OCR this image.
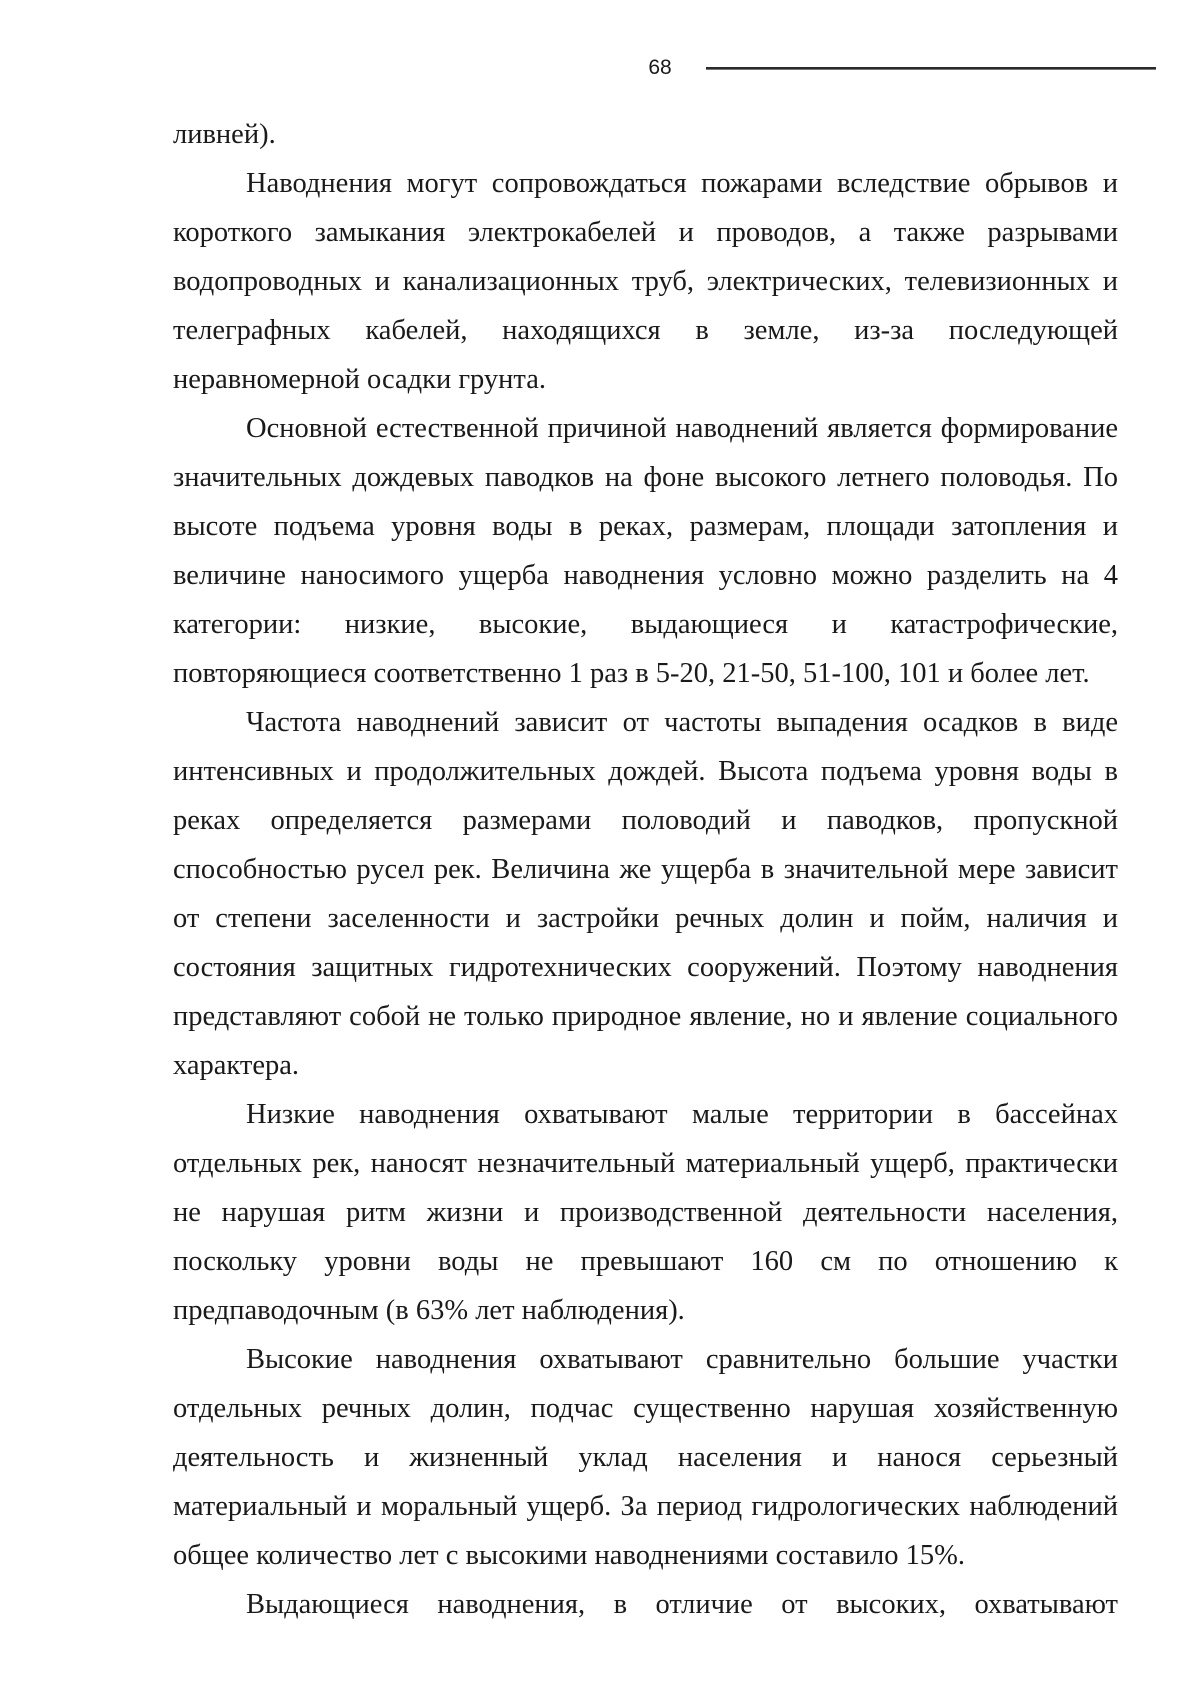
68

ливней).

Наводнения могут сопровождаться пожарами вследствие обрывов и короткого замыкания электрокабелей и проводов, а также разрывами водопроводных и канализационных труб, электрических, телевизионных и телеграфных кабелей, находящихся в земле, из-за последующей неравномерной осадки грунта.

Основной естественной причиной наводнений является формирование значительных дождевых паводков на фоне высокого летнего половодья. По высоте подъема уровня воды в реках, размерам, площади затопления и величине наносимого ущерба наводнения условно можно разделить на 4 категории: низкие, высокие, выдающиеся и катастрофические, повторяющиеся соответственно 1 раз в 5-20, 21-50, 51-100, 101 и более лет.

Частота наводнений зависит от частоты выпадения осадков в виде интенсивных и продолжительных дождей. Высота подъема уровня воды в реках определяется размерами половодий и паводков, пропускной способностью русел рек. Величина же ущерба в значительной мере зависит от степени заселенности и застройки речных долин и пойм, наличия и состояния защитных гидротехнических сооружений. Поэтому наводнения представляют собой не только природное явление, но и явление социального характера.

Низкие наводнения охватывают малые территории в бассейнах отдельных рек, наносят незначительный материальный ущерб, практически не нарушая ритм жизни и производственной деятельности населения, поскольку уровни воды не превышают 160 см по отношению к предпаводочным (в 63% лет наблюдения).

Высокие наводнения охватывают сравнительно большие участки отдельных речных долин, подчас существенно нарушая хозяйственную деятельность и жизненный уклад населения и нанося серьезный материальный и моральный ущерб. За период гидрологических наблюдений общее количество лет с высокими наводнениями составило 15%.

Выдающиеся наводнения, в отличие от высоких, охватывают
